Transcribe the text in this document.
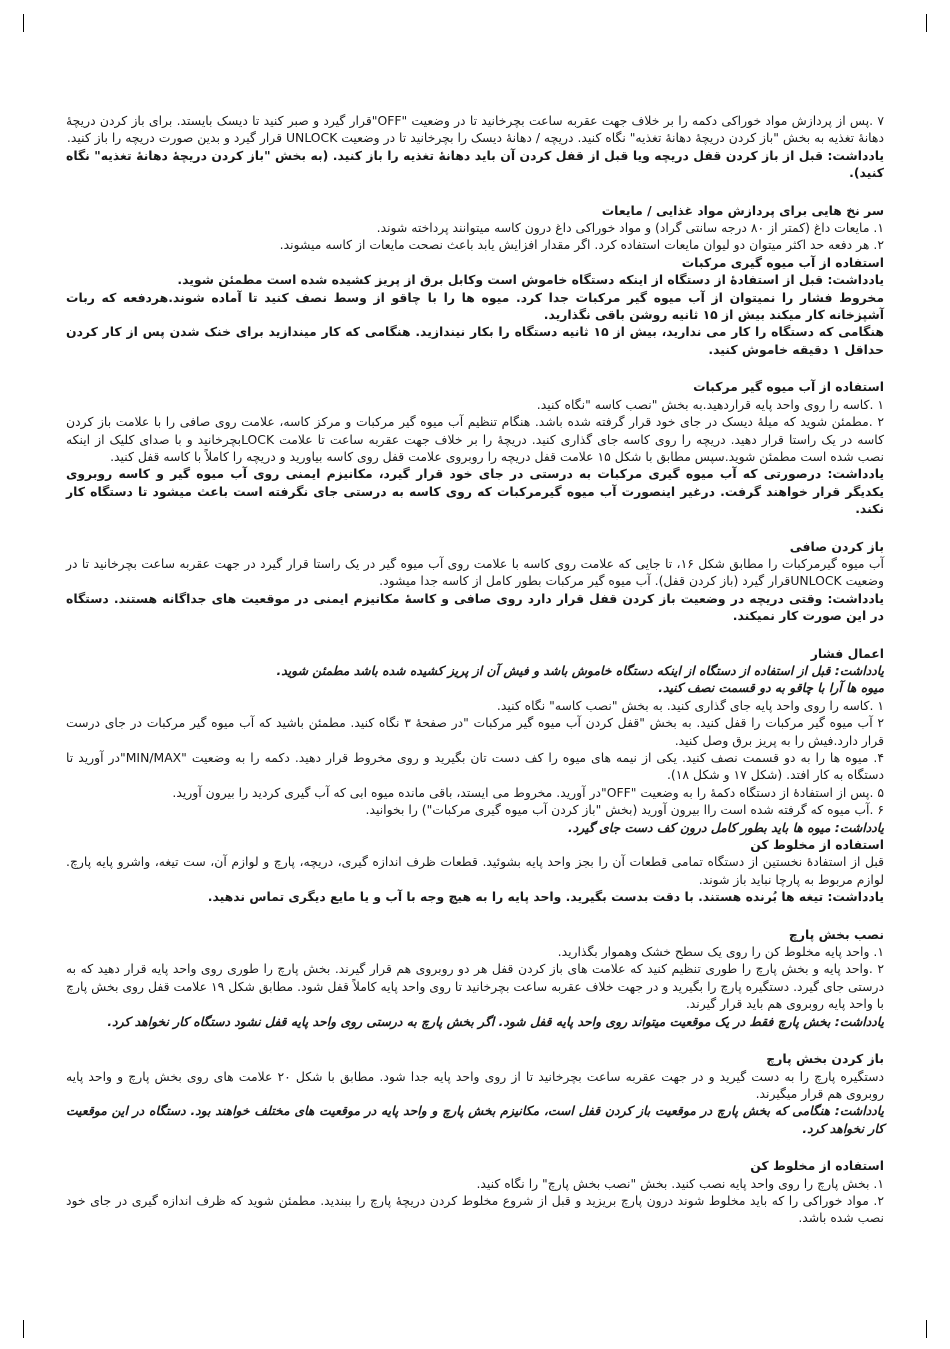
۷ .پس از پردازش مواد خوراکی دکمه را بر خلاف جهت عقربه ساعت بچرخانید تا در وضعیت "OFF"قرار گیرد و صبر کنید تا دیسک بایستد. برای باز کردن دریچهٔ دهانهٔ تغذیه به بخش "باز کردن دریچهٔ دهانهٔ تغذیه" نگاه کنید. دریچه / دهانهٔ دیسک را بچرخانید تا در وضعیت UNLOCK قرار گیرد و بدین صورت دریچه را باز کنید.

یادداشت: قبل از باز کردن قفل دریچه ویا قبل از قفل کردن آن باید دهانهٔ تغذیه را باز کنید. (به بخش "باز کردن دریچهٔ دهانهٔ تغذیه" نگاه کنید).

سر نخ هایی برای پردازش مواد غذایی / مایعات

۱. مایعات داغ (کمتر از ۸۰ درجه سانتی گراد) و مواد خوراکی داغ درون کاسه میتوانند پرداخته شوند.

۲. هر دفعه حد اکثر میتوان دو لیوان مایعات استفاده کرد. اگر مقدار افزایش یابد باعث نصحت مایعات از کاسه میشوند.

استفاده از آب میوه گیری مرکبات

یادداشت: قبل از استفادهٔ از دستگاه از اینکه دستگاه خاموش است وکابل برق از پریز کشیده شده است مطمئن شوید.

مخروط فشار را نمیتوان از آب میوه گیر مرکبات جدا کرد. میوه ها را با چاقو از وسط نصف کنید تا آماده شوند.هردفعه که ربات آشپزخانه کار میکند بیش از ۱۵ ثانیه روشن باقی نگذارید.

هنگامی که دستگاه را کار می ندارید، بیش از ۱۵ ثانیه دستگاه را بکار نیندازید. هنگامی که کار میندازید برای خنک شدن پس از کار کردن حداقل ۱ دقیقه خاموش کنید.

استفاده از آب میوه گیر مرکبات

۱ .کاسه را روی واحد پایه قراردهید.به بخش "نصب کاسه "نگاه کنید.

۲ .مطمئن شوید که میلهٔ دیسک در جای خود قرار گرفته شده باشد. هنگام تنظیم آب میوه گیر مرکبات و مرکز کاسه، علامت روی صافی را با علامت باز کردن کاسه در یک راستا قرار دهید. دریچه را روی کاسه جای گذاری کنید. دریچهٔ را بر خلاف جهت عقربه ساعت تا علامت LOCKبچرخانید و با صدای کلیک از اینکه نصب شده است مطمئن شوید.سپس مطابق با شکل ۱۵ علامت قفل دریچه را روبروی علامت قفل روی کاسه بیاورید و دریچه را کاملاً با کاسه قفل کنید.

یادداشت: درصورتی که آب میوه گیری مرکبات به درستی در جای خود قرار گیرد، مکانیزم ایمنی روی آب میوه گیر و کاسه روبروی یکدیگر قرار خواهند گرفت. درغیر اینصورت آب میوه گیرمرکبات که روی کاسه به درستی جای نگرفته است باعث میشود تا دستگاه کار نکند.

باز کردن صافی

آب میوه گیرمرکبات را مطابق شکل ۱۶، تا جایی که علامت روی کاسه با علامت روی آب میوه گیر در یک راستا قرار گیرد در جهت عقربه ساعت بچرخانید تا در وضعیت UNLOCKقرار گیرد (باز کردن قفل). آب میوه گیر مرکبات بطور کامل از کاسه جدا میشود.

یادداشت: وقتی دریچه در وضعیت باز کردن قفل قرار دارد روی صافی و کاسهٔ مکانیزم ایمنی در موقعیت های جداگانه هستند. دستگاه در این صورت کار نمیکند.

اعمال فشار

یادداشت: قبل از استفاده از دستگاه از اینکه دستگاه خاموش باشد و فیش آن از پریز کشیده شده باشد مطمئن شوید.

میوه ها آرا با چاقو به دو قسمت نصف کنید.

۱ .کاسه را روی واحد پایه جای گذاری کنید. به بخش "نصب کاسه" نگاه کنید.

۲ آب میوه گیر مرکبات را قفل کنید. به بخش "قفل کردن آب میوه گیر مرکبات "در صفحهٔ ۳ نگاه کنید. مطمئن باشید که آب میوه گیر مرکبات در جای درست قرار دارد.فیش را به پریز برق وصل کنید.

۴. میوه ها را به دو قسمت نصف کنید. یکی از نیمه های میوه را کف دست تان بگیرید و روی مخروط قرار دهید. دکمه را به وضعیت "MIN/MAX"در آورید تا دستگاه به کار افتد. (شکل ۱۷ و شکل ۱۸).

۵ .پس از استفادهٔ از دستگاه دکمهٔ را به وضعیت "OFF"در آورید. مخروط می ایستد، باقی مانده میوه ابی که آب گیری کردید را بیرون آورید.

۶ .آب میوه که گرفته شده است راا بیرون آورید (بخش "باز کردن آب میوه گیری مرکبات") را بخوانید.

یادداشت: میوه ها باید بطور کامل درون کف دست جای گیرد.

استفاده از مخلوط کن

قبل از استفادهٔ نخستین از دستگاه تمامی قطعات آن را بجز واحد پایه بشوئید. قطعات ظرف اندازه گیری، دریچه، پارچ و لوازم آن، ست تیغه، واشرو پایه پارچ. لوازم مربوط به پارچا نباید باز شوند.

یادداشت: تیغه ها بُرنده هستند. با دقت بدست بگیرید. واحد پایه را به هیچ وجه با آب و یا مایع دیگری تماس ندهید.

نصب بخش پارچ

۱. واحد پایه مخلوط کن را روی یک سطح خشک وهموار بگذارید.

۲ .واحد پایه و بخش پارچ را طوری تنظیم کنید که علامت های باز کردن قفل هر دو روبروی هم قرار گیرند. بخش پارچ را طوری روی واحد پایه قرار دهید که به درستی جای گیرد. دستگیره پارچ را بگیرید و در جهت خلاف عقربه ساعت بچرخانید تا روی واحد پایه کاملاً قفل شود. مطابق شکل ۱۹ علامت قفل روی بخش پارچ با واحد پایه روبروی هم باید قرار گیرند.

یادداشت: بخش پارچ فقط در یک موقعیت میتواند روی واحد پایه قفل شود. اگر بخش پارچ به درستی روی واحد پایه قفل نشود دستگاه کار نخواهد کرد.

باز کردن بخش پارچ

دستگیره پارچ را به دست گیرید و در جهت عقربه ساعت بچرخانید تا از روی واحد پایه جدا شود. مطابق با شکل ۲۰ علامت های روی بخش پارچ و واحد پایه روبروی هم قرار میگیرند.

یادداشت: هنگامی که بخش پارچ در موقعیت باز کردن قفل است، مکانیزم بخش پارچ و واحد پایه در موقعیت های مختلف خواهند بود. دستگاه در این موقعیت کار نخواهد کرد.

استفاده از مخلوط کن

۱. بخش پارچ را روی واحد پایه نصب کنید. بخش "نصب بخش پارچ" را نگاه کنید.

۲. مواد خوراکی را که باید مخلوط شوند درون پارچ بریزید و قبل از شروع مخلوط کردن دریچهٔ پارچ را ببندید. مطمئن شوید که ظرف اندازه گیری در جای خود نصب شده باشد.
